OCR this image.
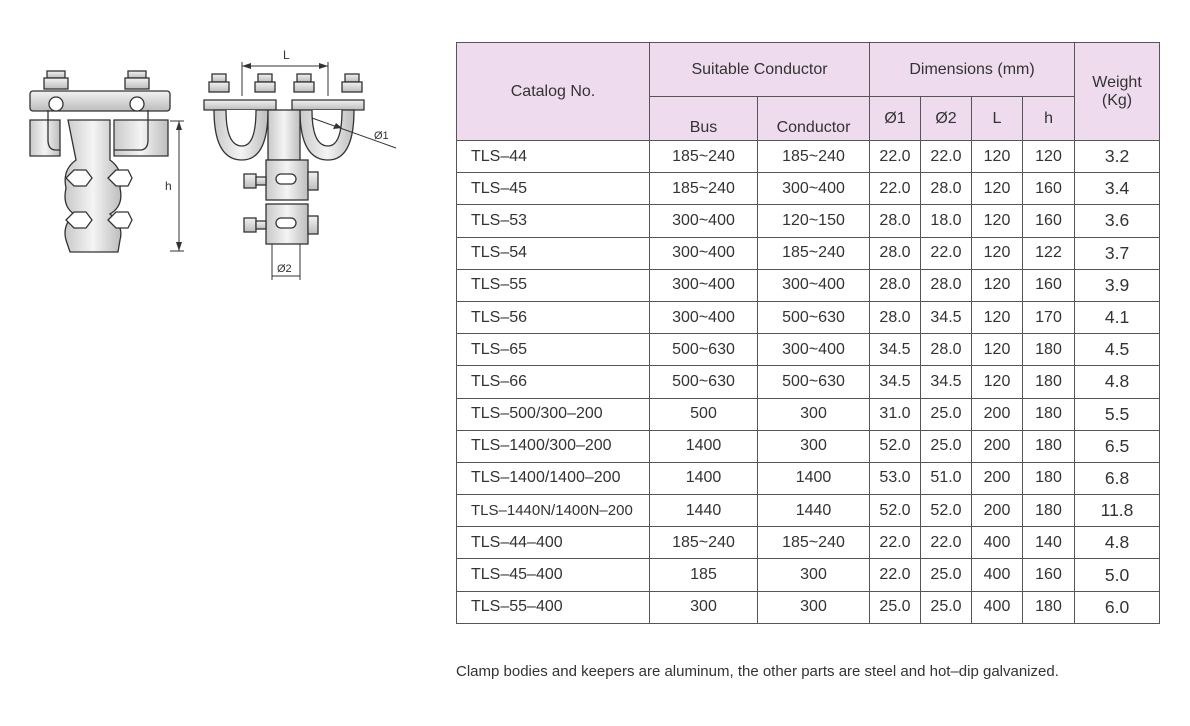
h
L
Ø1
Ø2
Catalog No.	Suitable Conductor		Dimensions (mm)				Weight
(Kg)
	Bus	Conductor	Ø1	Ø2	L	h	
TLS–44	185~240	185~240	22.0	22.0	120	120	3.2
TLS–45	185~240	300~400	22.0	28.0	120	160	3.4
TLS–53	300~400	120~150	28.0	18.0	120	160	3.6
TLS–54	300~400	185~240	28.0	22.0	120	122	3.7
TLS–55	300~400	300~400	28.0	28.0	120	160	3.9
TLS–56	300~400	500~630	28.0	34.5	120	170	4.1
TLS–65	500~630	300~400	34.5	28.0	120	180	4.5
TLS–66	500~630	500~630	34.5	34.5	120	180	4.8
TLS–500/300–200	500	300	31.0	25.0	200	180	5.5
TLS–1400/300–200	1400	300	52.0	25.0	200	180	6.5
TLS–1400/1400–200	1400	1400	53.0	51.0	200	180	6.8
TLS–1440N/1400N–200	1440	1440	52.0	52.0	200	180	11.8
TLS–44–400	185~240	185~240	22.0	22.0	400	140	4.8
TLS–45–400	185	300	22.0	25.0	400	160	5.0
TLS–55–400	300	300	25.0	25.0	400	180	6.0
Clamp bodies and keepers are aluminum, the other parts are steel and hot–dip galvanized.
